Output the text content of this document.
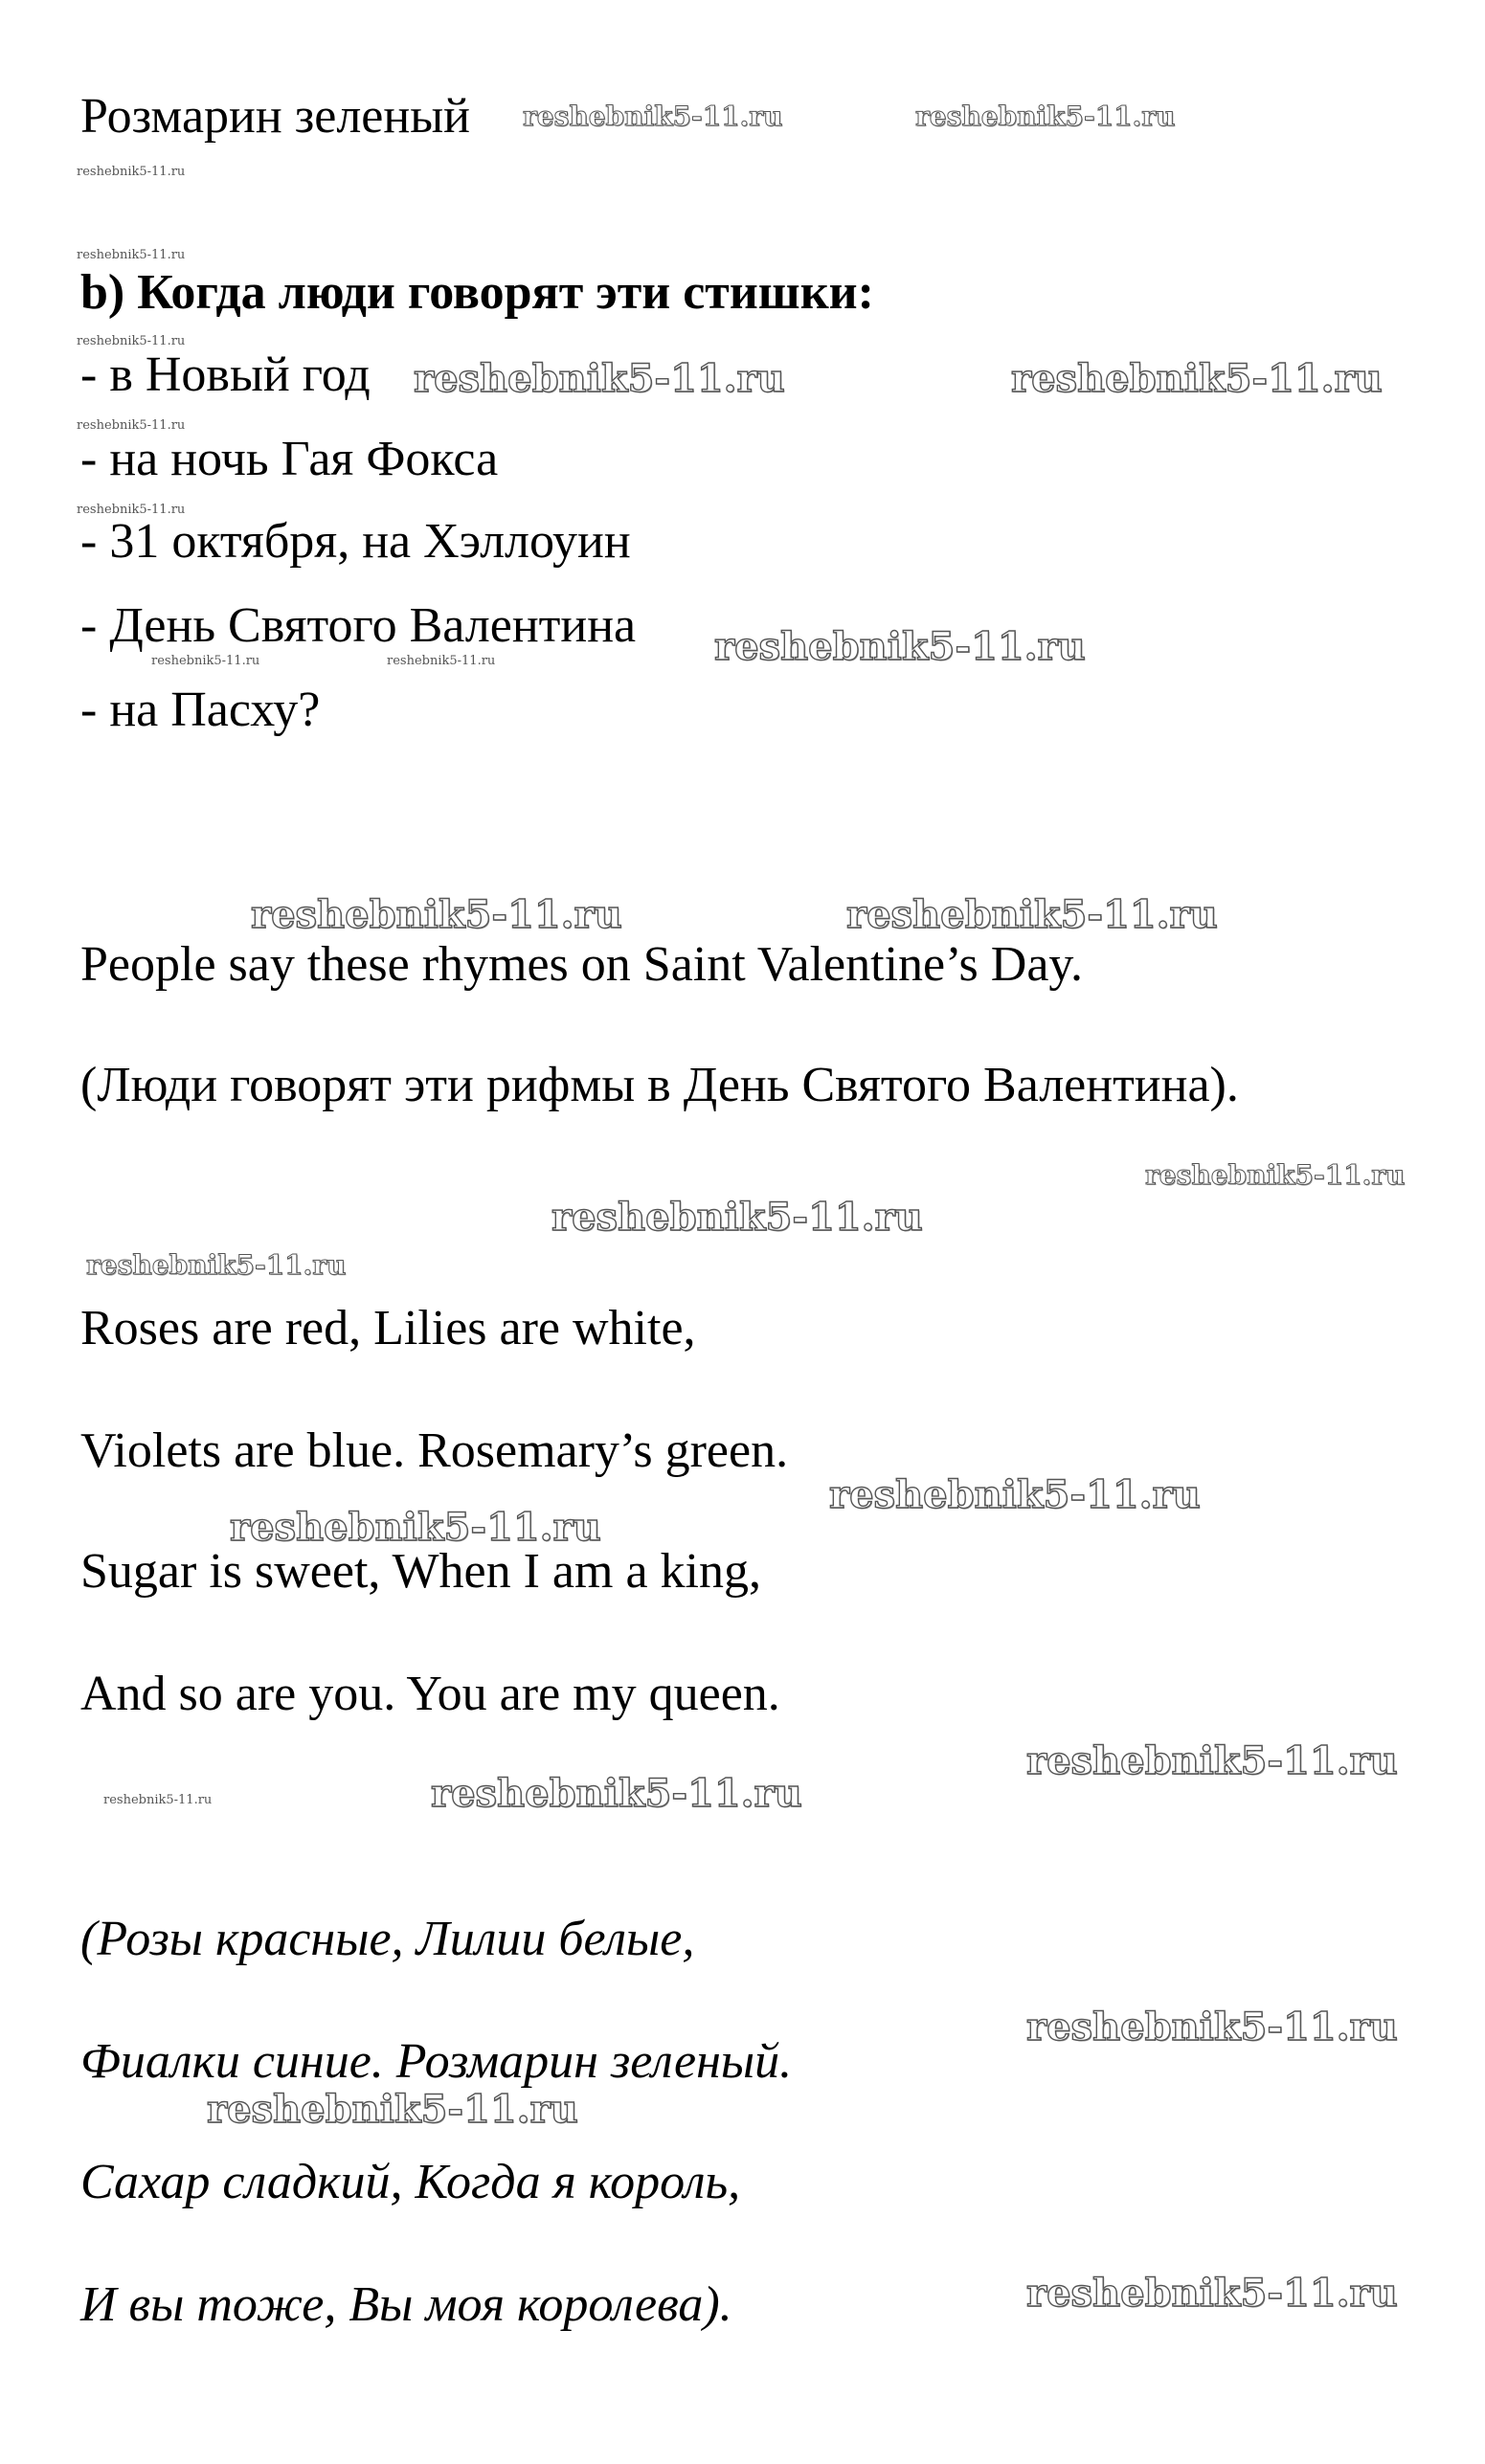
Розмарин зеленый
b) Когда люди говорят эти стишки:
- в Новый год
- на ночь Гая Фокса
- 31 октября, на Хэллоуин
- День Святого Валентина
- на Пасху?
People say these rhymes on Saint Valentine’s Day.
(Люди говорят эти рифмы в День Святого Валентина).
Roses are red, Lilies are white,
Violets are blue. Rosemary’s green.
Sugar is sweet, When I am a king,
And so are you. You are my queen.
(Розы красные, Лилии белые,
Фиалки синие. Розмарин зеленый.
Сахар сладкий, Когда я король,
И вы тоже, Вы моя королева).
reshebnik5-11.ru	reshebnik5-11.ru
reshebnik5-11.ru
reshebnik5-11.ru
reshebnik5-11.ru
reshebnik5-11.ru	reshebnik5-11.ru
reshebnik5-11.ru
reshebnik5-11.ru
reshebnik5-11.ru
reshebnik5-11.ru	reshebnik5-11.ru
reshebnik5-11.ru	reshebnik5-11.ru
reshebnik5-11.ru
reshebnik5-11.ru
reshebnik5-11.ru
reshebnik5-11.ru
reshebnik5-11.ru
reshebnik5-11.ru
reshebnik5-11.ru	reshebnik5-11.ru
reshebnik5-11.ru
reshebnik5-11.ru
reshebnik5-11.ru
